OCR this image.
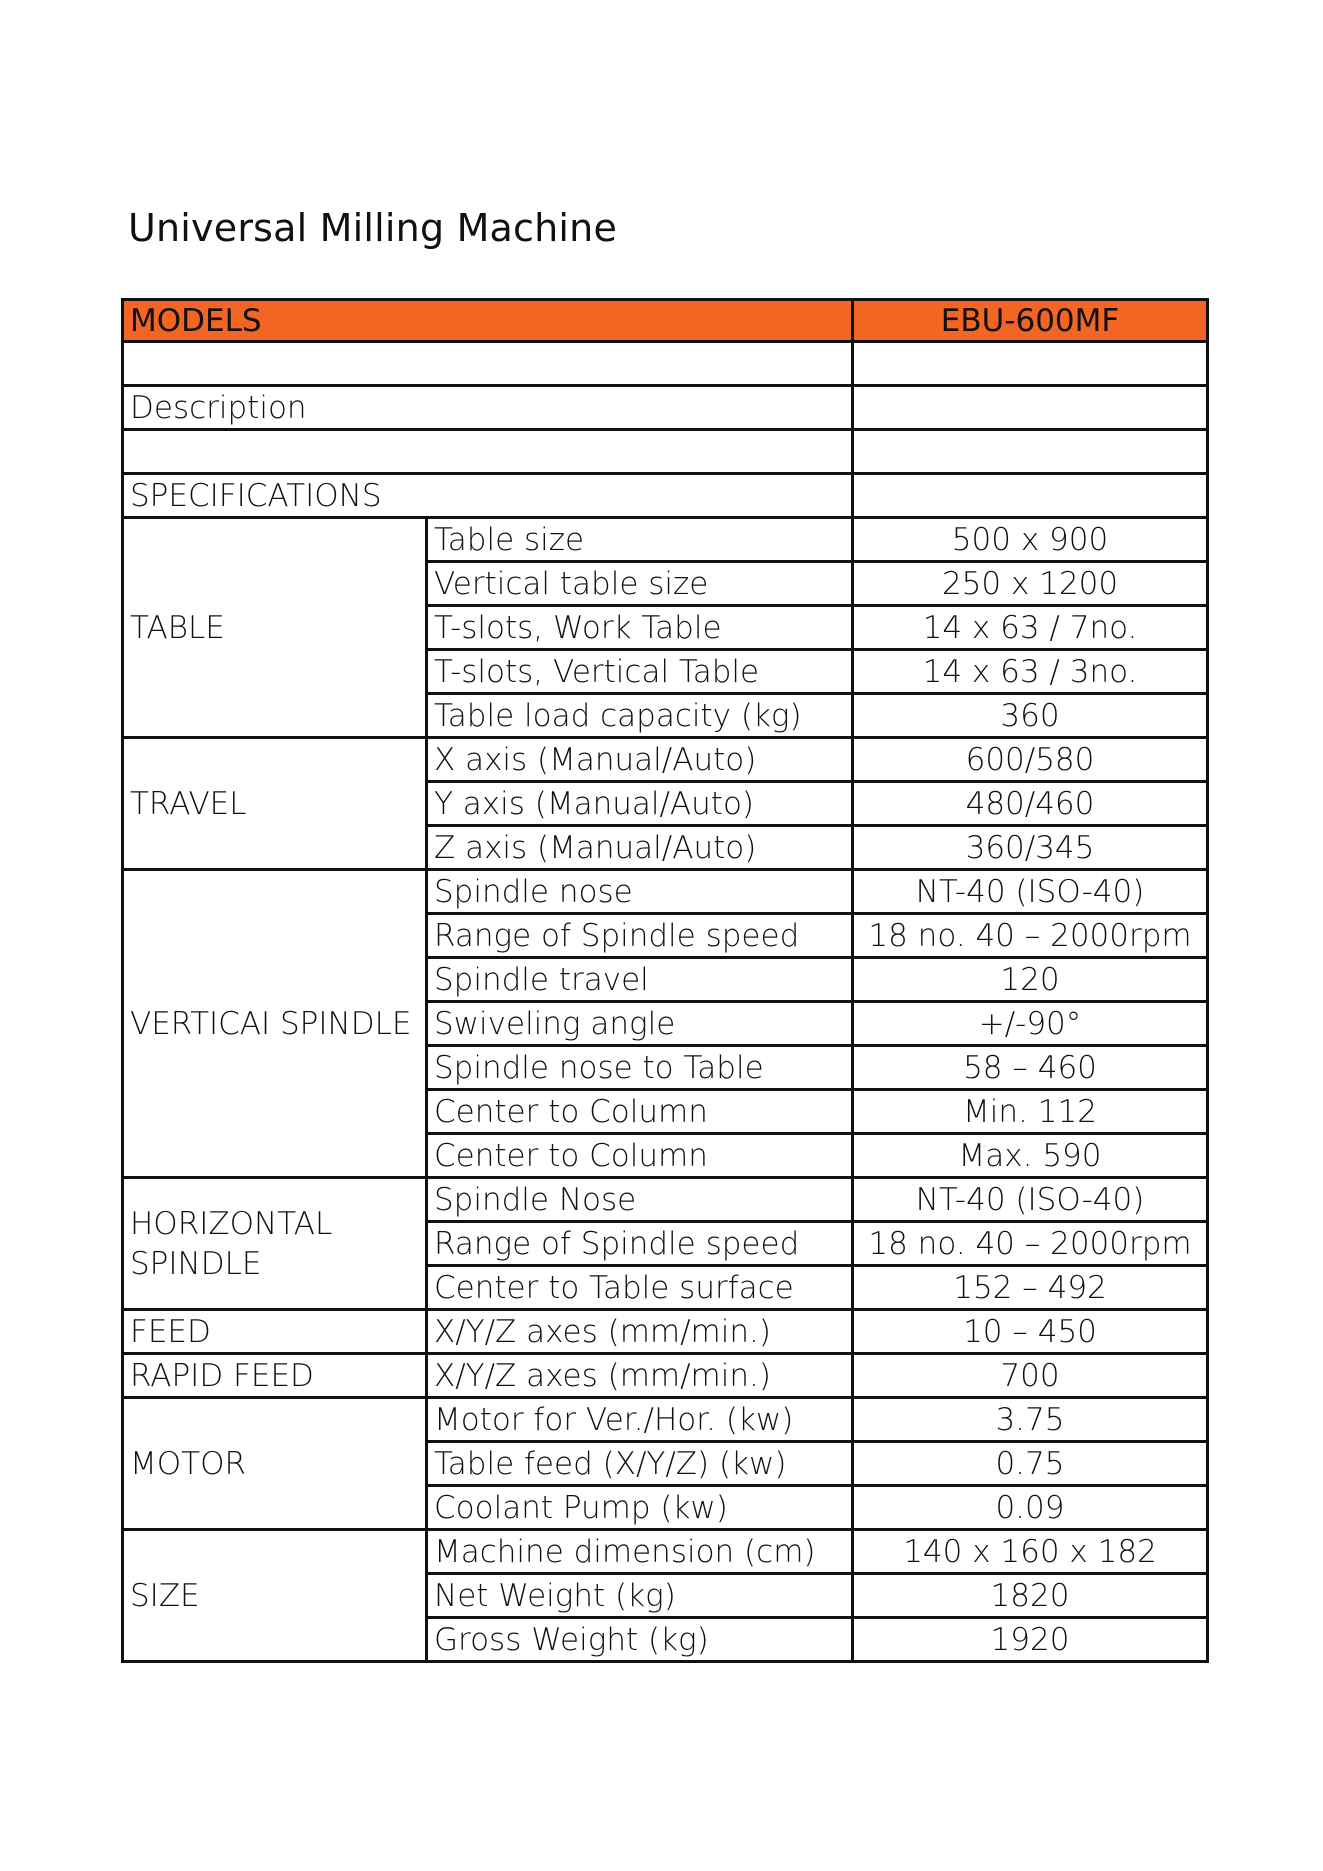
Universal Milling Machine
MODELS		EBU-600MF

Description		

SPECIFICATIONS		
TABLE	Table size	500 x 900
	Vertical table size	250 x 1200
	T-slots, Work Table	14 x 63 / 7no.
	T-slots, Vertical Table	14 x 63 / 3no.
	Table load capacity (kg)	360
TRAVEL	X axis (Manual/Auto)	600/580
	Y axis (Manual/Auto)	480/460
	Z axis (Manual/Auto)	360/345
VERTICAI SPINDLE	Spindle nose	NT-40 (ISO-40)
	Range of Spindle speed	18 no. 40 – 2000rpm
	Spindle travel	120
	Swiveling angle	+/-90°
	Spindle nose to Table	58 – 460
	Center to Column	Min. 112
	Center to Column	Max. 590
HORIZONTAL SPINDLE	Spindle Nose	NT-40 (ISO-40)
	Range of Spindle speed	18 no. 40 – 2000rpm
	Center to Table surface	152 – 492
FEED	X/Y/Z axes (mm/min.)	10 – 450
RAPID FEED	X/Y/Z axes (mm/min.)	700
MOTOR	Motor for Ver./Hor. (kw)	3.75
	Table feed (X/Y/Z) (kw)	0.75
	Coolant Pump (kw)	0.09
SIZE	Machine dimension (cm)	140 x 160 x 182
	Net Weight (kg)	1820
	Gross Weight (kg)	1920
